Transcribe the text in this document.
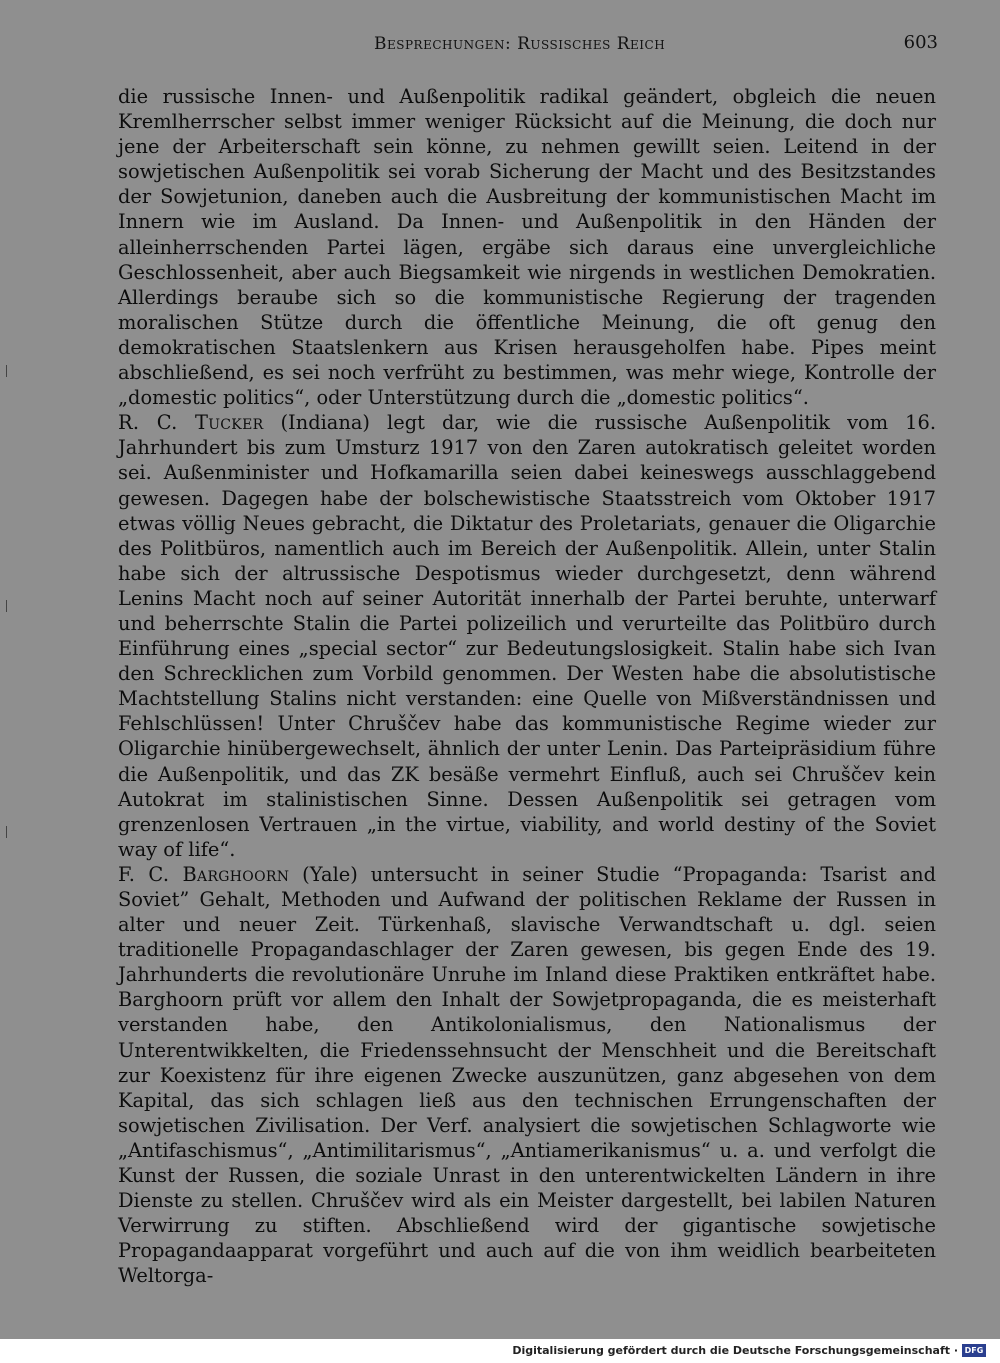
Besprechungen: Russisches Reich	603

die russische Innen- und Außenpolitik radikal geändert, obgleich die neuen Kremlherrscher selbst immer weniger Rücksicht auf die Meinung, die doch nur jene der Arbeiterschaft sein könne, zu nehmen gewillt seien. Leitend in der sowjetischen Außenpolitik sei vorab Sicherung der Macht und des Besitzstandes der Sowjetunion, daneben auch die Ausbreitung der kommunistischen Macht im Innern wie im Ausland. Da Innen- und Außenpolitik in den Händen der alleinherrschenden Partei lägen, ergäbe sich daraus eine unvergleichliche Geschlossenheit, aber auch Biegsamkeit wie nirgends in westlichen Demokratien. Allerdings beraube sich so die kommunistische Regierung der tragenden moralischen Stütze durch die öffentliche Meinung, die oft genug den demokratischen Staatslenkern aus Krisen herausgeholfen habe. Pipes meint abschließend, es sei noch verfrüht zu bestimmen, was mehr wiege, Kontrolle der „domestic politics“, oder Unterstützung durch die „domestic politics“.

R. C. Tucker (Indiana) legt dar, wie die russische Außenpolitik vom 16. Jahrhundert bis zum Umsturz 1917 von den Zaren autokratisch geleitet worden sei. Außenminister und Hofkamarilla seien dabei keineswegs ausschlaggebend gewesen. Dagegen habe der bolschewistische Staatsstreich vom Oktober 1917 etwas völlig Neues gebracht, die Diktatur des Proletariats, genauer die Oligarchie des Politbüros, namentlich auch im Bereich der Außenpolitik. Allein, unter Stalin habe sich der altrussische Despotismus wieder durchgesetzt, denn während Lenins Macht noch auf seiner Autorität innerhalb der Partei beruhte, unterwarf und beherrschte Stalin die Partei polizeilich und verurteilte das Politbüro durch Einführung eines „special sector“ zur Bedeutungslosigkeit. Stalin habe sich Ivan den Schrecklichen zum Vorbild genommen. Der Westen habe die absolutistische Machtstellung Stalins nicht verstanden: eine Quelle von Mißverständnissen und Fehlschlüssen! Unter Chruščev habe das kommunistische Regime wieder zur Oligarchie hinübergewechselt, ähnlich der unter Lenin. Das Parteipräsidium führe die Außenpolitik, und das ZK besäße vermehrt Einfluß, auch sei Chruščev kein Autokrat im stalinistischen Sinne. Dessen Außenpolitik sei getragen vom grenzenlosen Vertrauen „in the virtue, viability, and world destiny of the Soviet way of life“.

F. C. Barghoorn (Yale) untersucht in seiner Studie “Propaganda: Tsarist and Soviet” Gehalt, Methoden und Aufwand der politischen Reklame der Russen in alter und neuer Zeit. Türkenhaß, slavische Verwandtschaft u. dgl. seien traditionelle Propagandaschlager der Zaren gewesen, bis gegen Ende des 19. Jahrhunderts die revolutionäre Unruhe im Inland diese Praktiken entkräftet habe. Barghoorn prüft vor allem den Inhalt der Sowjetpropaganda, die es meisterhaft verstanden habe, den Antikolonialismus, den Nationalismus der Unterentwikkelten, die Friedenssehnsucht der Menschheit und die Bereitschaft zur Koexistenz für ihre eigenen Zwecke auszunützen, ganz abgesehen von dem Kapital, das sich schlagen ließ aus den technischen Errungenschaften der sowjetischen Zivilisation. Der Verf. analysiert die sowjetischen Schlagworte wie „Antifaschismus“, „Antimilitarismus“, „Antiamerikanismus“ u. a. und verfolgt die Kunst der Russen, die soziale Unrast in den unterentwickelten Ländern in ihre Dienste zu stellen. Chruščev wird als ein Meister dargestellt, bei labilen Naturen Verwirrung zu stiften. Abschließend wird der gigantische sowjetische Propagandaapparat vorgeführt und auch auf die von ihm weidlich bearbeiteten Weltorga-

Digitalisierung gefördert durch die Deutsche Forschungsgemeinschaft · DFG
